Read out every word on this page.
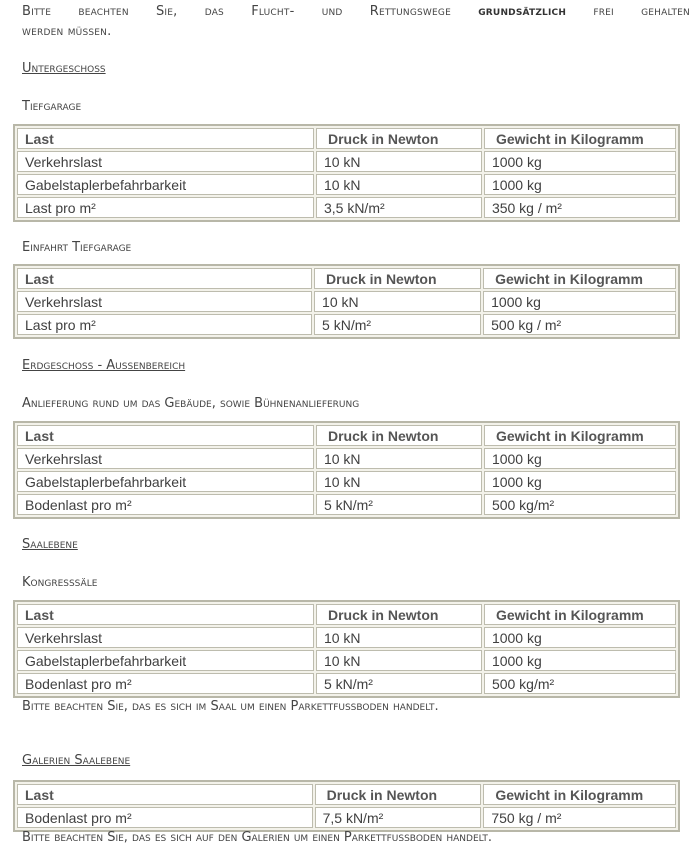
Bitte beachten Sie, das Flucht- und Rettungswege grundsätzlich frei gehalten
werden müssen.
Untergeschoss
Tiefgarage
Last	Druck in Newton	Gewicht in Kilogramm
Verkehrslast	10 kN	1000 kg
Gabelstaplerbefahrbarkeit	10 kN	1000 kg
Last pro m²	3,5 kN/m²	350 kg / m²
Einfahrt Tiefgarage
Last	Druck in Newton	Gewicht in Kilogramm
Verkehrslast	10 kN	1000 kg
Last pro m²	5 kN/m²	500 kg / m²
Erdgeschoss - Außenbereich
Anlieferung rund um das Gebäude, sowie Bühnenanlieferung
Last	Druck in Newton	Gewicht in Kilogramm
Verkehrslast	10 kN	1000 kg
Gabelstaplerbefahrbarkeit	10 kN	1000 kg
Bodenlast pro m²	5 kN/m²	500 kg/m²
Saalebene
Kongresssäle
Last	Druck in Newton	Gewicht in Kilogramm
Verkehrslast	10 kN	1000 kg
Gabelstaplerbefahrbarkeit	10 kN	1000 kg
Bodenlast pro m²	5 kN/m²	500 kg/m²
Bitte beachten Sie, das es sich im Saal um einen Parkettfußboden handelt.
Galerien Saalebene
Last	Druck in Newton	Gewicht in Kilogramm
Bodenlast pro m²	7,5 kN/m²	750 kg / m²
Bitte beachten Sie, das es sich auf den Galerien um einen Parkettfußboden handelt.
